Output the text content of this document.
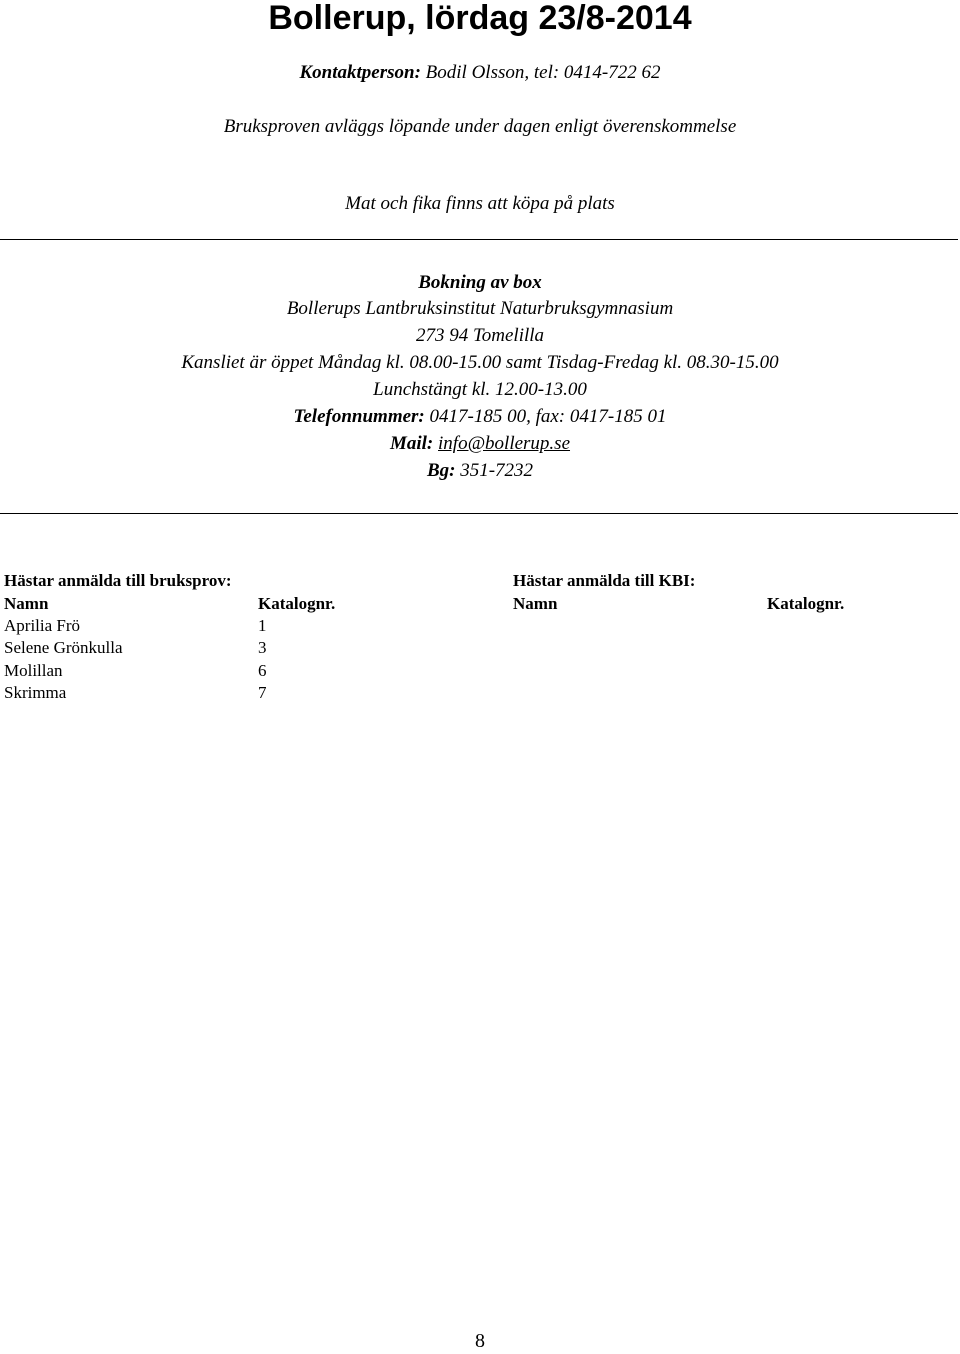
Bollerup, lördag 23/8-2014
Kontaktperson: Bodil Olsson, tel: 0414-722 62
Bruksproven avläggs löpande under dagen enligt överenskommelse
Mat och fika finns att köpa på plats
Bokning av box
Bollerups Lantbruksinstitut Naturbruksgymnasium
273 94 Tomelilla
Kansliet är öppet Måndag kl. 08.00-15.00 samt Tisdag-Fredag kl. 08.30-15.00
Lunchstängt kl. 12.00-13.00
Telefonnummer: 0417-185 00, fax: 0417-185 01
Mail: info@bollerup.se
Bg: 351-7232
Hästar anmälda till bruksprov:
Namn	Katalognr.
Aprilia Frö	1
Selene Grönkulla	3
Molillan	6
Skrimma	7
Hästar anmälda till KBI:
Namn	Katalognr.
8
